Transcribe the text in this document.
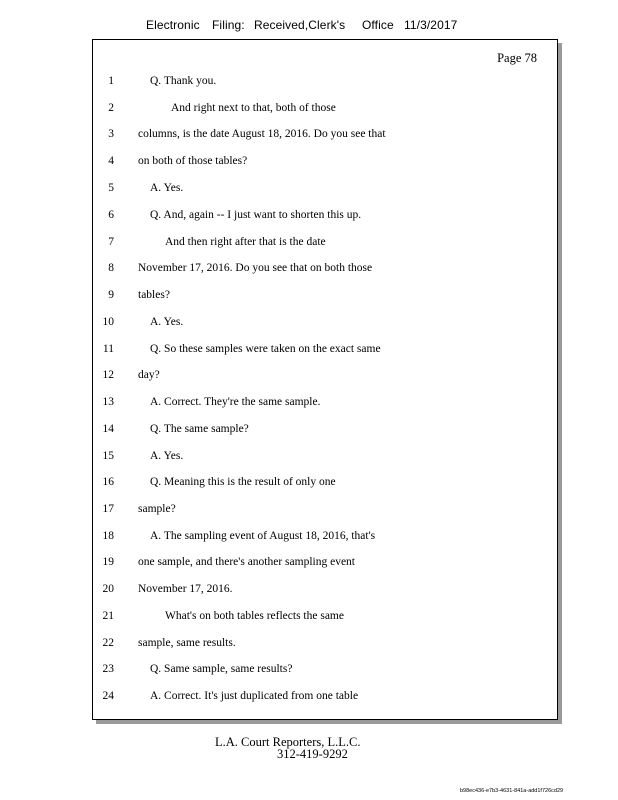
Electronic Filing: Received,Clerk's Office 11/3/2017
Page 78
1	Q. Thank you.
2	And right next to that, both of those
3 columns, is the date August 18, 2016. Do you see that
4 on both of those tables?
5	A. Yes.
6	Q. And, again -- I just want to shorten this up.
7	And then right after that is the date
8 November 17, 2016. Do you see that on both those
9 tables?
10	A. Yes.
11	Q. So these samples were taken on the exact same
12 day?
13	A. Correct. They're the same sample.
14	Q. The same sample?
15	A. Yes.
16	Q. Meaning this is the result of only one
17 sample?
18	A. The sampling event of August 18, 2016, that's
19 one sample, and there's another sampling event
20 November 17, 2016.
21	What's on both tables reflects the same
22 sample, same results.
23	Q. Same sample, same results?
24	A. Correct. It's just duplicated from one table
L.A. Court Reporters, L.L.C.
312-419-9292
b98ec436-e7b3-4631-841a-add1f726cd29
